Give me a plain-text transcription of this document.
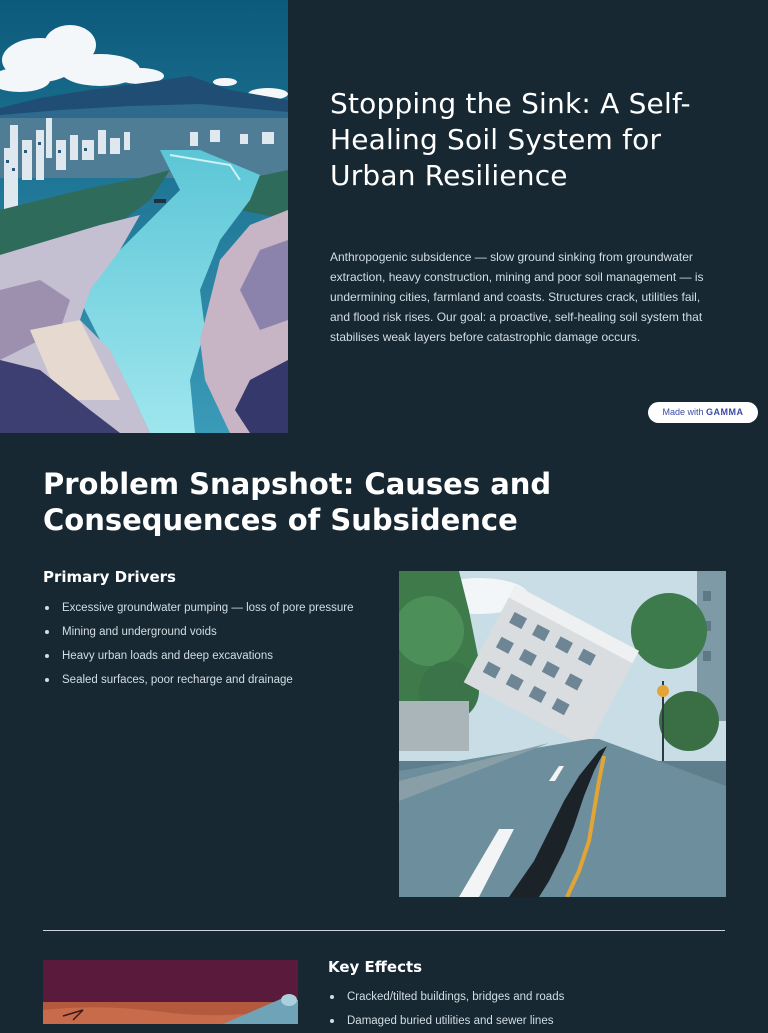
Stopping the Sink: A Self-Healing Soil System for Urban Resilience

Anthropogenic subsidence — slow ground sinking from groundwater extraction, heavy construction, mining and poor soil management — is undermining cities, farmland and coasts. Structures crack, utilities fail, and flood risk rises. Our goal: a proactive, self-healing soil system that stabilises weak layers before catastrophic damage occurs.

Made with GAMMA
Problem Snapshot: Causes and Consequences of Subsidence
Primary Drivers
Excessive groundwater pumping — loss of pore pressure
Mining and underground voids
Heavy urban loads and deep excavations
Sealed surfaces, poor recharge and drainage
Key Effects
Cracked/tilted buildings, bridges and roads
Damaged buried utilities and sewer lines
